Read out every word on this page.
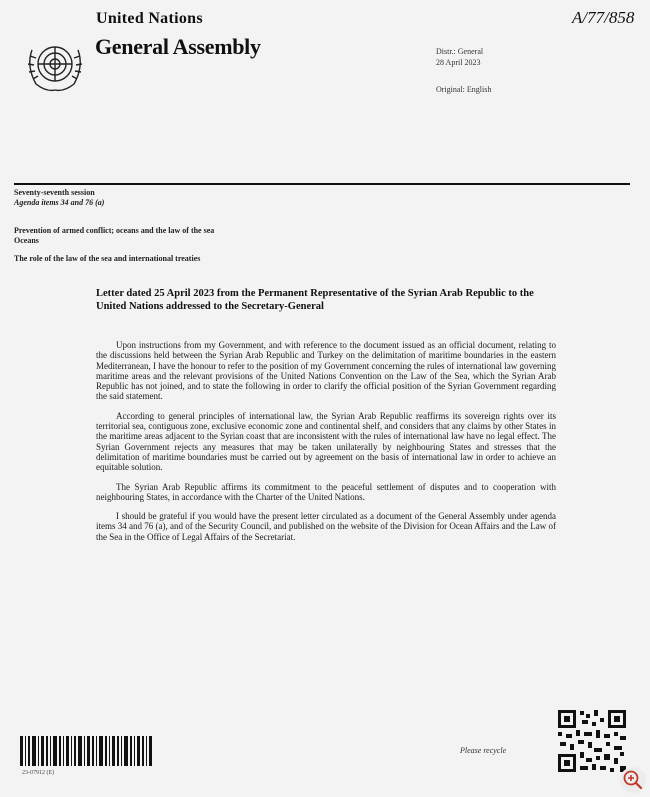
United Nations
General Assembly
A/77/858
Distr.: General
28 April 2023
Original: English
Seventy-seventh session
Agenda items 34 and 76 (a)
Prevention of armed conflict; oceans and the law of the sea
Oceans
The role of the law of the sea and international treaties
Letter dated 25 April 2023 from the Permanent Representative of the Syrian Arab Republic to the United Nations addressed to the Secretary-General

Upon instructions from my Government, and with reference to the document issued as an official document, relating to the discussions held between the Syrian Arab Republic and Turkey on the delimitation of maritime boundaries in the eastern Mediterranean, I have the honour to refer to the position of my Government concerning the rules of international law governing maritime areas and the relevant provisions of the United Nations Convention on the Law of the Sea, which the Syrian Arab Republic has not joined, and to state the following in order to clarify the official position of the Syrian Government regarding the said statement.

According to general principles of international law, the Syrian Arab Republic reaffirms its sovereign rights over its territorial sea, contiguous zone, exclusive economic zone and continental shelf, and considers that any claims by other States in the maritime areas adjacent to the Syrian coast that are inconsistent with the rules of international law have no legal effect. The Syrian Government rejects any measures that may be taken unilaterally by neighbouring States and stresses that the delimitation of maritime boundaries must be carried out by agreement on the basis of international law in order to achieve an equitable solution.

The Syrian Arab Republic affirms its commitment to the peaceful settlement of disputes and to cooperation with neighbouring States, in accordance with the Charter of the United Nations.

I should be grateful if you would have the present letter circulated as a document of the General Assembly under agenda items 34 and 76 (a), and of the Security Council, and published on the website of the Division for Ocean Affairs and the Law of the Sea in the Office of Legal Affairs of the Secretariat.

23-07912 (E)
Please recycle
